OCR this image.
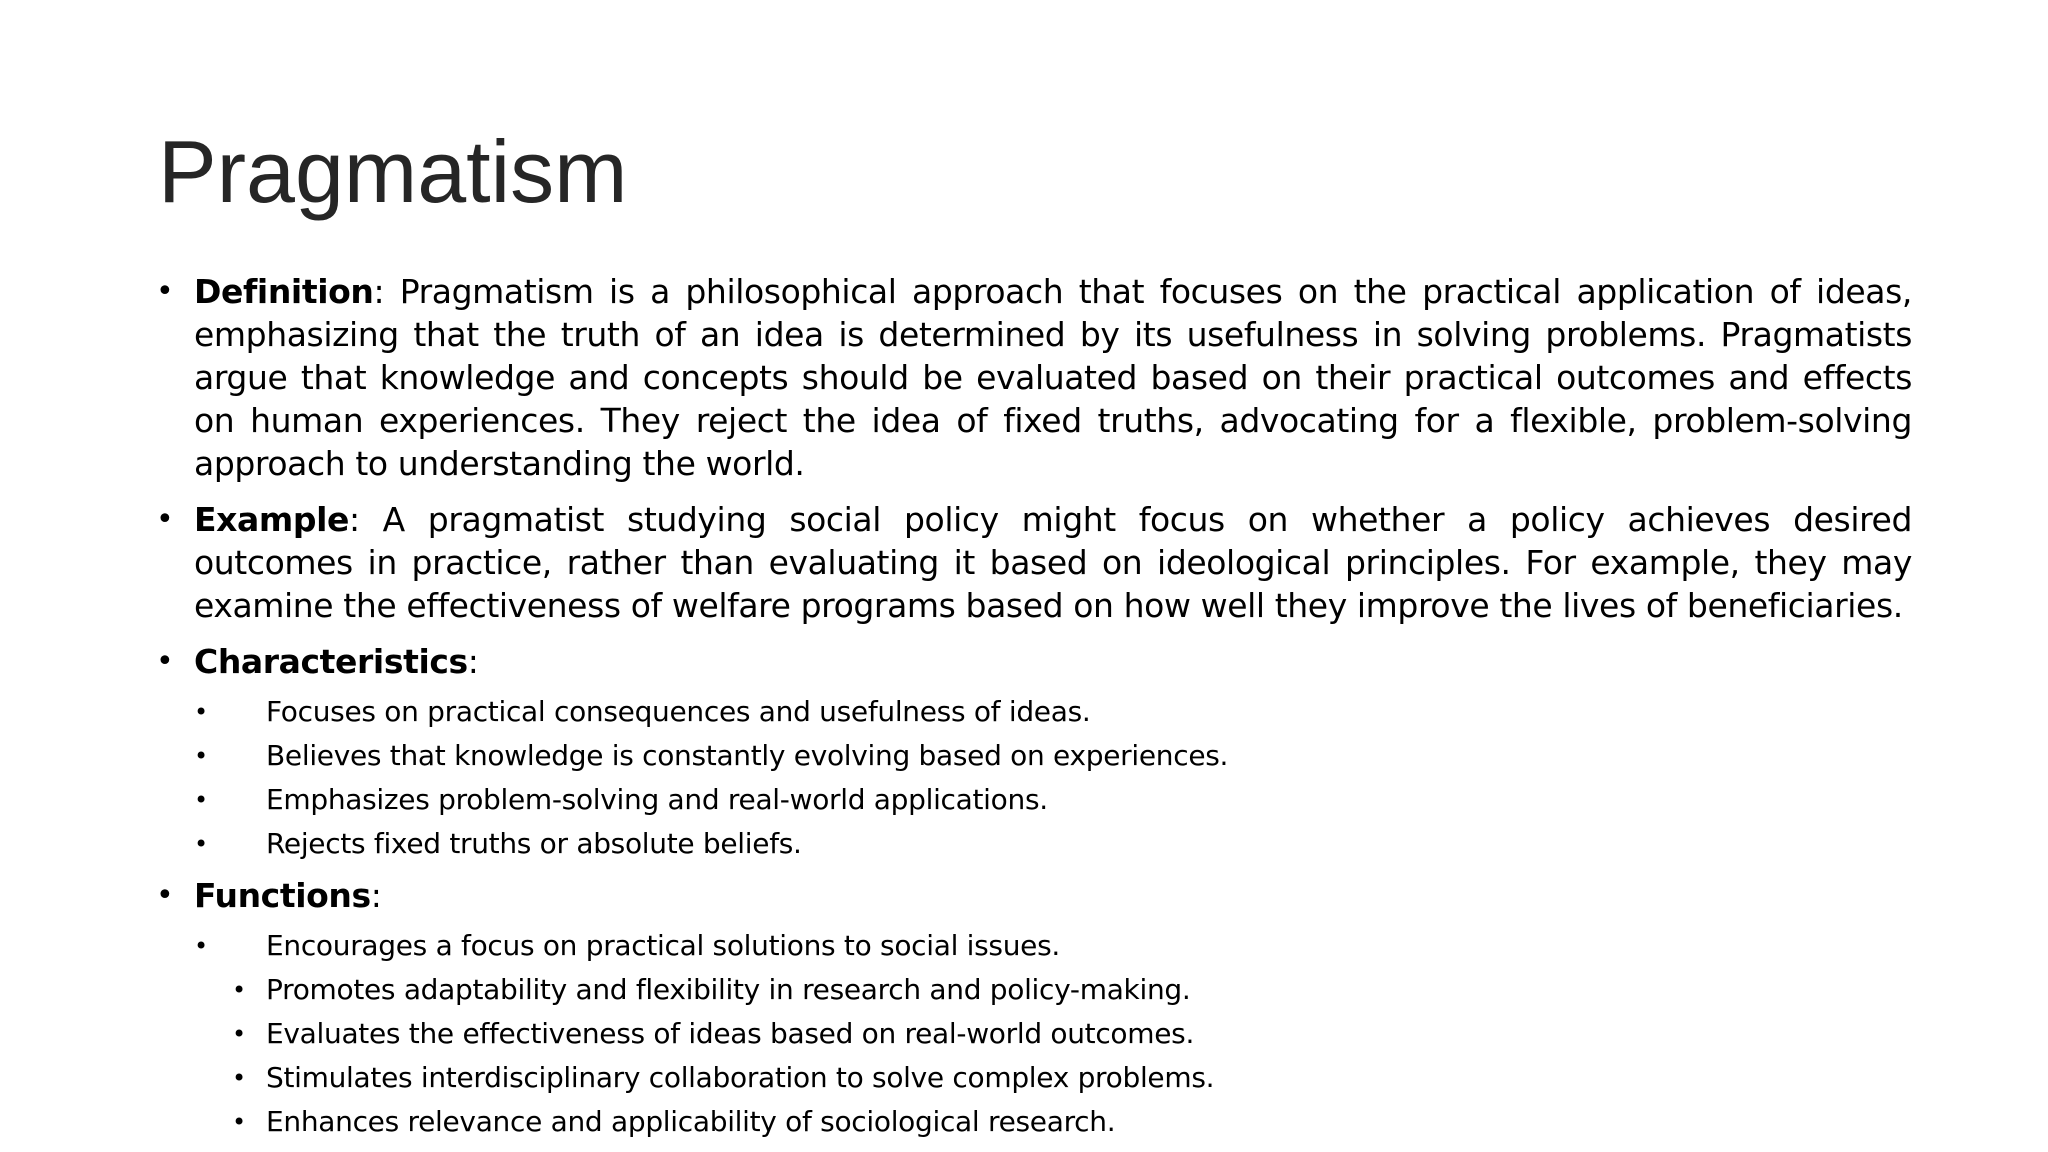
Pragmatism
• Definition: Pragmatism is a philosophical approach that focuses on the practical application of ideas, emphasizing that the truth of an idea is determined by its usefulness in solving problems. Pragmatists argue that knowledge and concepts should be evaluated based on their practical outcomes and effects on human experiences. They reject the idea of fixed truths, advocating for a flexible, problem-solving approach to understanding the world.
• Example: A pragmatist studying social policy might focus on whether a policy achieves desired outcomes in practice, rather than evaluating it based on ideological principles. For example, they may examine the effectiveness of welfare programs based on how well they improve the lives of beneficiaries.
• Characteristics:
• Focuses on practical consequences and usefulness of ideas.
• Believes that knowledge is constantly evolving based on experiences.
• Emphasizes problem-solving and real-world applications.
• Rejects fixed truths or absolute beliefs.
• Functions:
• Encourages a focus on practical solutions to social issues.
• Promotes adaptability and flexibility in research and policy-making.
• Evaluates the effectiveness of ideas based on real-world outcomes.
• Stimulates interdisciplinary collaboration to solve complex problems.
• Enhances relevance and applicability of sociological research.
